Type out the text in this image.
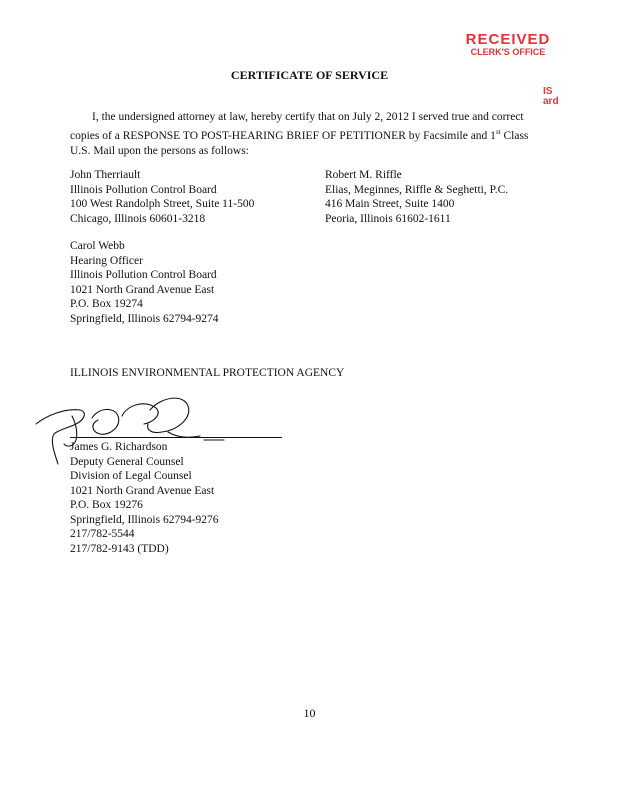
RECEIVED
CLERK'S OFFICE
IS
ard
CERTIFICATE OF SERVICE
I, the undersigned attorney at law, hereby certify that on July 2, 2012 I served true and correct
copies of a RESPONSE TO POST-HEARING BRIEF OF PETITIONER by Facsimile and 1st Class
U.S. Mail upon the persons as follows:
John Therriault
Illinois Pollution Control Board
100 West Randolph Street, Suite 11-500
Chicago, Illinois 60601-3218
Robert M. Riffle
Elias, Meginnes, Riffle & Seghetti, P.C.
416 Main Street, Suite 1400
Peoria, Illinois 61602-1611
Carol Webb
Hearing Officer
Illinois Pollution Control Board
1021 North Grand Avenue East
P.O. Box 19274
Springfield, Illinois 62794-9274
ILLINOIS ENVIRONMENTAL PROTECTION AGENCY
James G. Richardson
Deputy General Counsel
Division of Legal Counsel
1021 North Grand Avenue East
P.O. Box 19276
Springfield, Illinois 62794-9276
217/782-5544
217/782-9143 (TDD)
10
